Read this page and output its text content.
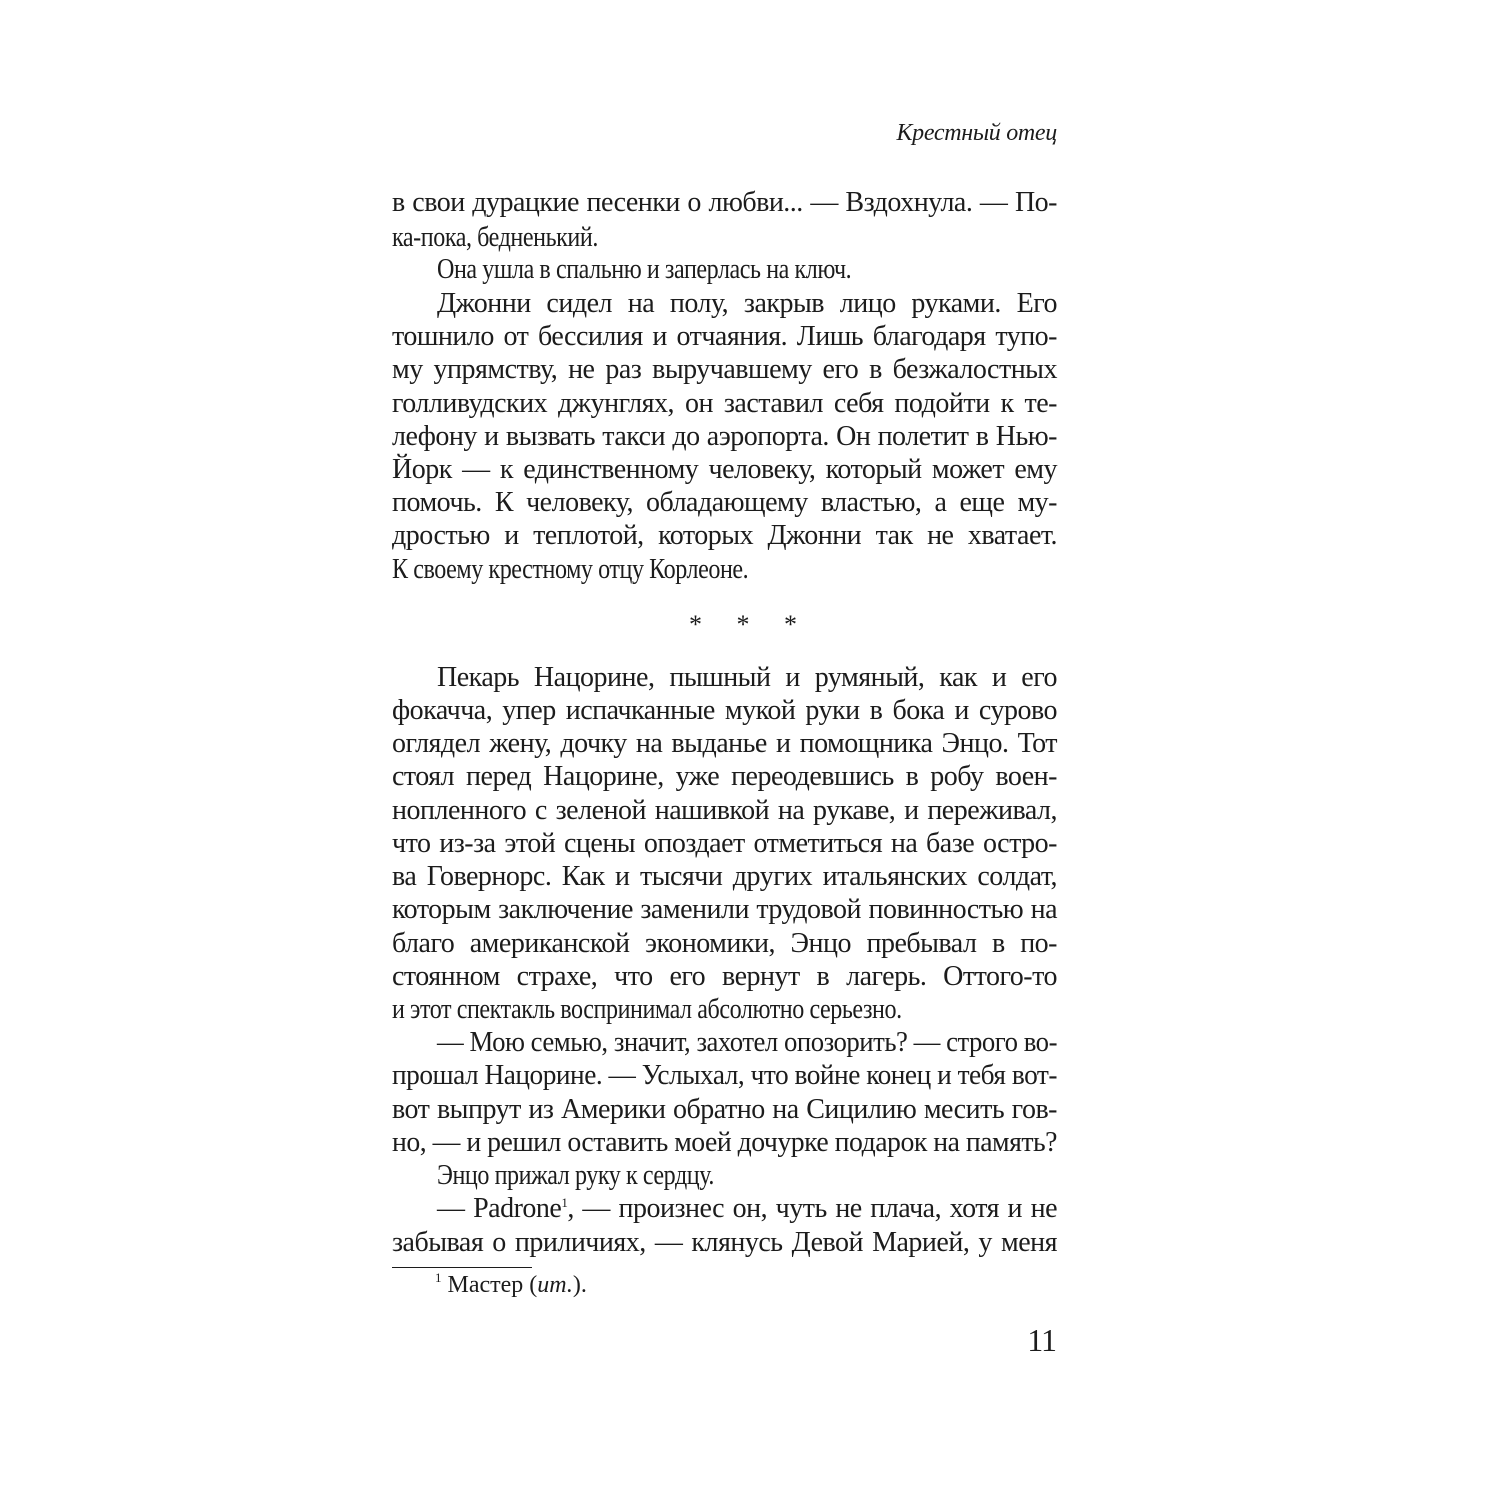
Крестный отец
в свои дурацкие песенки о любви... — Вздохнула. — По-
ка-пока, бедненький.
Она ушла в спальню и заперлась на ключ.
Джонни сидел на полу, закрыв лицо руками. Его
тошнило от бессилия и отчаяния. Лишь благодаря тупо-
му упрямству, не раз выручавшему его в безжалостных
голливудских джунглях, он заставил себя подойти к те-
лефону и вызвать такси до аэропорта. Он полетит в Нью-
Йорк — к единственному человеку, который может ему
помочь. К человеку, обладающему властью, а еще му-
дростью и теплотой, которых Джонни так не хватает.
К своему крестному отцу Корлеоне.
Пекарь Нацорине, пышный и румяный, как и его
фокачча, упер испачканные мукой руки в бока и сурово
оглядел жену, дочку на выданье и помощника Энцо. Тот
стоял перед Нацорине, уже переодевшись в робу воен-
нопленного с зеленой нашивкой на рукаве, и переживал,
что из-за этой сцены опоздает отметиться на базе остро-
ва Говернорс. Как и тысячи других итальянских солдат,
которым заключение заменили трудовой повинностью на
благо американской экономики, Энцо пребывал в по-
стоянном страхе, что его вернут в лагерь. Оттого-то
и этот спектакль воспринимал абсолютно серьезно.
— Мою семью, значит, захотел опозорить? — строго во-
прошал Нацорине. — Услыхал, что войне конец и тебя вот-
вот выпрут из Америки обратно на Сицилию месить гов-
но, — и решил оставить моей дочурке подарок на память?
Энцо прижал руку к сердцу.
— Padrone$^1$, — произнес он, чуть не плача, хотя и не
забывая о приличиях, — клянусь Девой Марией, у меня
* * *
$^1$ Мастер (ит.).
11
